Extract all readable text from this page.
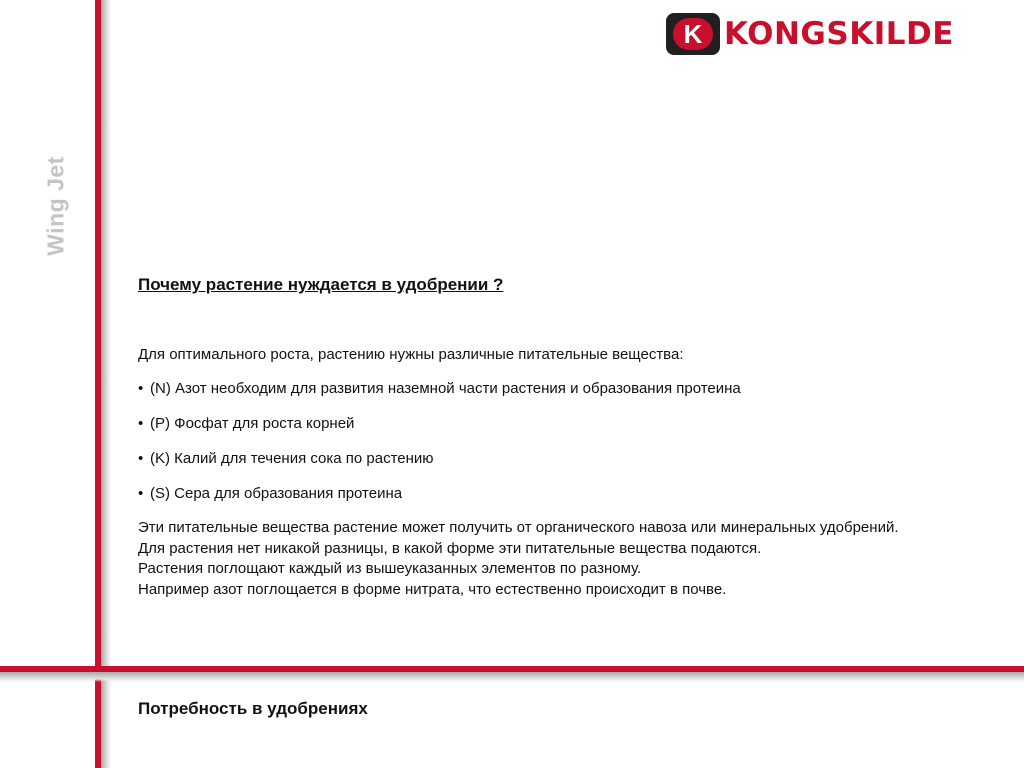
Wing Jet
K KONGSKILDE
Почему растение нуждается в удобрении ?

Для оптимального роста, растению нужны различные питательные вещества:

• (N) Азот необходим для развития наземной части растения и образования протеина
• (P) Фосфат для роста корней
• (K) Калий для течения сока по растению
• (S) Сера для образования протеина

Эти питательные вещества растение может получить от органического навоза или минеральных удобрений. Для растения нет никакой разницы, в какой форме эти питательные вещества подаются.
Растения поглощают каждый из вышеуказанных элементов по разному.
Например азот поглощается в форме нитрата, что естественно происходит в почве.

Потребность в удобрениях
